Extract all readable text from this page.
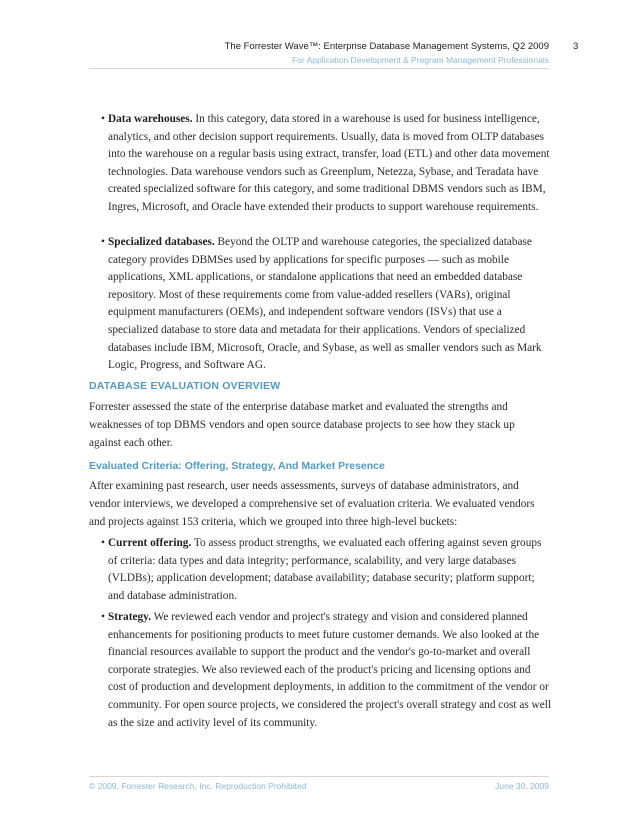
The Forrester Wave™: Enterprise Database Management Systems, Q2 2009	3
For Application Development & Program Management Professionals
• Data warehouses. In this category, data stored in a warehouse is used for business intelligence, analytics, and other decision support requirements. Usually, data is moved from OLTP databases into the warehouse on a regular basis using extract, transfer, load (ETL) and other data movement technologies. Data warehouse vendors such as Greenplum, Netezza, Sybase, and Teradata have created specialized software for this category, and some traditional DBMS vendors such as IBM, Ingres, Microsoft, and Oracle have extended their products to support warehouse requirements.

• Specialized databases. Beyond the OLTP and warehouse categories, the specialized database category provides DBMSes used by applications for specific purposes — such as mobile applications, XML applications, or standalone applications that need an embedded database repository. Most of these requirements come from value-added resellers (VARs), original equipment manufacturers (OEMs), and independent software vendors (ISVs) that use a specialized database to store data and metadata for their applications. Vendors of specialized databases include IBM, Microsoft, Oracle, and Sybase, as well as smaller vendors such as Mark Logic, Progress, and Software AG.

DATABASE EVALUATION OVERVIEW

Forrester assessed the state of the enterprise database market and evaluated the strengths and weaknesses of top DBMS vendors and open source database projects to see how they stack up against each other.

Evaluated Criteria: Offering, Strategy, And Market Presence

After examining past research, user needs assessments, surveys of database administrators, and vendor interviews, we developed a comprehensive set of evaluation criteria. We evaluated vendors and projects against 153 criteria, which we grouped into three high-level buckets:

• Current offering. To assess product strengths, we evaluated each offering against seven groups of criteria: data types and data integrity; performance, scalability, and very large databases (VLDBs); application development; database availability; database security; platform support; and database administration.

• Strategy. We reviewed each vendor and project's strategy and vision and considered planned enhancements for positioning products to meet future customer demands. We also looked at the financial resources available to support the product and the vendor's go-to-market and overall corporate strategies. We also reviewed each of the product's pricing and licensing options and cost of production and development deployments, in addition to the commitment of the vendor or community. For open source projects, we considered the project's overall strategy and cost as well as the size and activity level of its community.

© 2009, Forrester Research, Inc. Reproduction Prohibited	June 30, 2009
